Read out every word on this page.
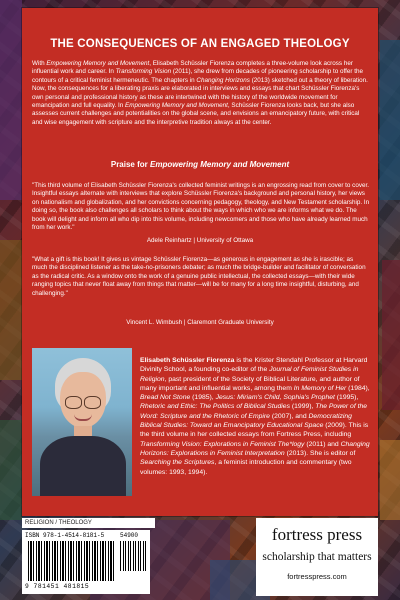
THE CONSEQUENCES OF AN ENGAGED THEOLOGY

With Empowering Memory and Movement, Elisabeth Schüssler Fiorenza completes a three-volume look across her influential work and career. In Transforming Vision (2011), she drew from decades of pioneering scholarship to offer the contours of a critical feminist hermeneutic. The chapters in Changing Horizons (2013) sketched out a theory of liberation. Now, the consequences for a liberating praxis are elaborated in interviews and essays that chart Schüssler Fiorenza's own personal and professional history as these are intertwined with the history of the worldwide movement for emancipation and full equality. In Empowering Memory and Movement, Schüssler Fiorenza looks back, but she also assesses current challenges and potentialities on the global scene, and envisions an emancipatory future, with critical and wise engagement with scripture and the interpretive tradition always at the center.

Praise for Empowering Memory and Movement

"This third volume of Elisabeth Schüssler Fiorenza's collected feminist writings is an engrossing read from cover to cover. Insightful essays alternate with interviews that explore Schüssler Fiorenza's background and personal history, her views on nationalism and globalization, and her convictions concerning pedagogy, theology, and New Testament scholarship. In doing so, the book also challenges all scholars to think about the ways in which who we are informs what we do. The book will delight and inform all who dip into this volume, including newcomers and those who have already learned much from her work."

Adele Reinhartz | University of Ottawa

"What a gift is this book! It gives us vintage Schüssler Fiorenza—as generous in engagement as she is irascible; as much the disciplined listener as the take-no-prisoners debater; as much the bridge-builder and facilitator of conversation as the radical critic. As a window onto the work of a genuine public intellectual, the collected essays—with their wide ranging topics that never float away from things that matter—will be for many for a long time insightful, disturbing, and challenging."

Vincent L. Wimbush | Claremont Graduate University

Elisabeth Schüssler Fiorenza is the Krister Stendahl Professor at Harvard Divinity School, a founding co-editor of the Journal of Feminist Studies in Religion, past president of the Society of Biblical Literature, and author of many important and influential works, among them In Memory of Her (1984), Bread Not Stone (1985), Jesus: Miriam's Child, Sophia's Prophet (1995), Rhetoric and Ethic: The Politics of Biblical Studies (1999), The Power of the Word: Scripture and the Rhetoric of Empire (2007), and Democratizing Biblical Studies: Toward an Emancipatory Educational Space (2009). This is the third volume in her collected essays from Fortress Press, including Transforming Vision: Explorations in Feminist The*logy (2011) and Changing Horizons: Explorations in Feminist Interpretation (2013). She is editor of Searching the Scriptures, a feminist introduction and commentary (two volumes: 1993, 1994).

RELIGION / THEOLOGY
ISBN 978-1-4514-8181-5	54900
9 781451 481815
fortress press
scholarship that matters
fortresspress.com
